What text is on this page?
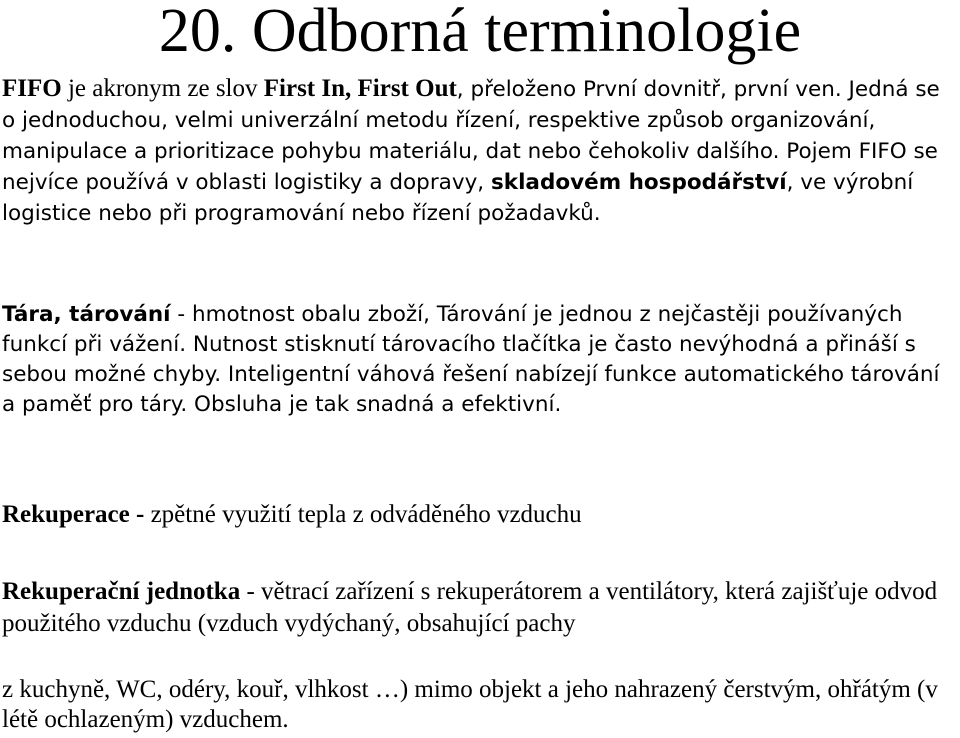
20. Odborná terminologie

FIFO je akronym ze slov First In, First Out, přeloženo První dovnitř, první ven. Jedná se o jednoduchou, velmi univerzální metodu řízení, respektive způsob organizování, manipulace a prioritizace pohybu materiálu, dat nebo čehokoliv dalšího. Pojem FIFO se nejvíce používá v oblasti logistiky a dopravy, skladovém hospodářství, ve výrobní logistice nebo při programování nebo řízení požadavků.

Tára, tárování - hmotnost obalu zboží, Tárování je jednou z nejčastěji používaných funkcí při vážení. Nutnost stisknutí tárovacího tlačítka je často nevýhodná a přináší s sebou možné chyby. Inteligentní váhová řešení nabízejí funkce automatického tárování a paměť pro táry. Obsluha je tak snadná a efektivní.

Rekuperace - zpětné využití tepla z odváděného vzduchu

Rekuperační jednotka - větrací zařízení s rekuperátorem a ventilátory, která zajišťuje odvod použitého vzduchu (vzduch vydýchaný, obsahující pachy

z kuchyně, WC, odéry, kouř, vlhkost …) mimo objekt a jeho nahrazený čerstvým, ohřátým (v létě ochlazeným) vzduchem.
